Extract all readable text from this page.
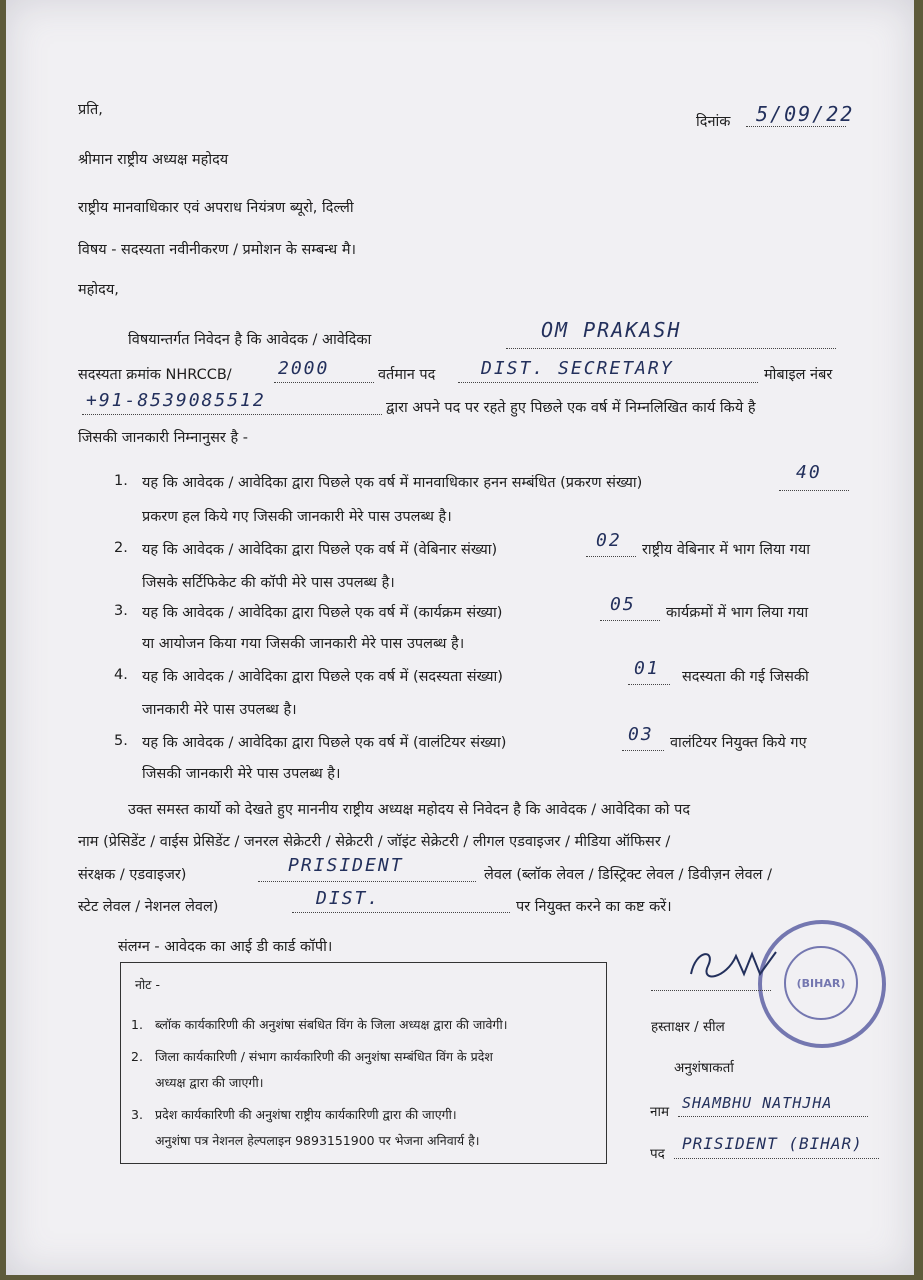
प्रति,
दिनांक 5/09/22
श्रीमान राष्ट्रीय अध्यक्ष महोदय
राष्ट्रीय मानवाधिकार एवं अपराध नियंत्रण ब्यूरो, दिल्ली
विषय - सदस्यता नवीनीकरण / प्रमोशन के सम्बन्ध मै।
महोदय,
विषयान्तर्गत निवेदन है कि आवेदक / आवेदिका	OM PRAKASH
सदस्यता क्रमांक NHRCCB/	2000	वर्तमान पद	DIST. SECRETARY	मोबाइल नंबर
+91-8539085512	द्वारा अपने पद पर रहते हुए पिछले एक वर्ष में निम्नलिखित कार्य किये है
जिसकी जानकारी निम्नानुसर है -
1. यह कि आवेदक / आवेदिका द्वारा पिछले एक वर्ष में मानवाधिकार हनन सम्बंधित (प्रकरण संख्या)	40
प्रकरण हल किये गए जिसकी जानकारी मेरे पास उपलब्ध है।
2. यह कि आवेदक / आवेदिका द्वारा पिछले एक वर्ष में (वेबिनार संख्या)	02 राष्ट्रीय वेबिनार में भाग लिया गया
जिसके सर्टिफिकेट की कॉपी मेरे पास उपलब्ध है।
3. यह कि आवेदक / आवेदिका द्वारा पिछले एक वर्ष में (कार्यक्रम संख्या)	05 कार्यक्रमों में भाग लिया गया
या आयोजन किया गया जिसकी जानकारी मेरे पास उपलब्ध है।
4. यह कि आवेदक / आवेदिका द्वारा पिछले एक वर्ष में (सदस्यता संख्या)	01 सदस्यता की गई जिसकी
जानकारी मेरे पास उपलब्ध है।
5. यह कि आवेदक / आवेदिका द्वारा पिछले एक वर्ष में (वालंटियर संख्या)	03 वालंटियर नियुक्त किये गए
जिसकी जानकारी मेरे पास उपलब्ध है।
उक्त समस्त कार्यो को देखते हुए माननीय राष्ट्रीय अध्यक्ष महोदय से निवेदन है कि आवेदक / आवेदिका को पद
नाम (प्रेसिडेंट / वाईस प्रेसिडेंट / जनरल सेक्रेटरी / सेक्रेटरी / जॉइंट सेक्रेटरी / लीगल एडवाइजर / मीडिया ऑफिसर /
संरक्षक / एडवाइजर)	PRISIDENT	लेवल (ब्लॉक लेवल / डिस्ट्रिक्ट लेवल / डिवीज़न लेवल /
स्टेट लेवल / नेशनल लेवल)	DIST.	पर नियुक्त करने का कष्ट करें।
संलग्न - आवेदक का आई डी कार्ड कॉपी।
नोट -
1. ब्लॉक कार्यकारिणी की अनुशंषा संबधित विंग के जिला अध्यक्ष द्वारा की जावेगी।
2. जिला कार्यकारिणी / संभाग कार्यकारिणी की अनुशंषा सम्बंधित विंग के प्रदेश
अध्यक्ष द्वारा की जाएगी।
3. प्रदेश कार्यकारिणी की अनुशंषा राष्ट्रीय कार्यकारिणी द्वारा की जाएगी।
अनुशंषा पत्र नेशनल हेल्पलाइन 9893151900 पर भेजना अनिवार्य है।
(BIHAR)
हस्ताक्षर / सील
अनुशंषाकर्ता
नाम SHAMBHU NATHJHA
पद
PRISIDENT (BIHAR)
